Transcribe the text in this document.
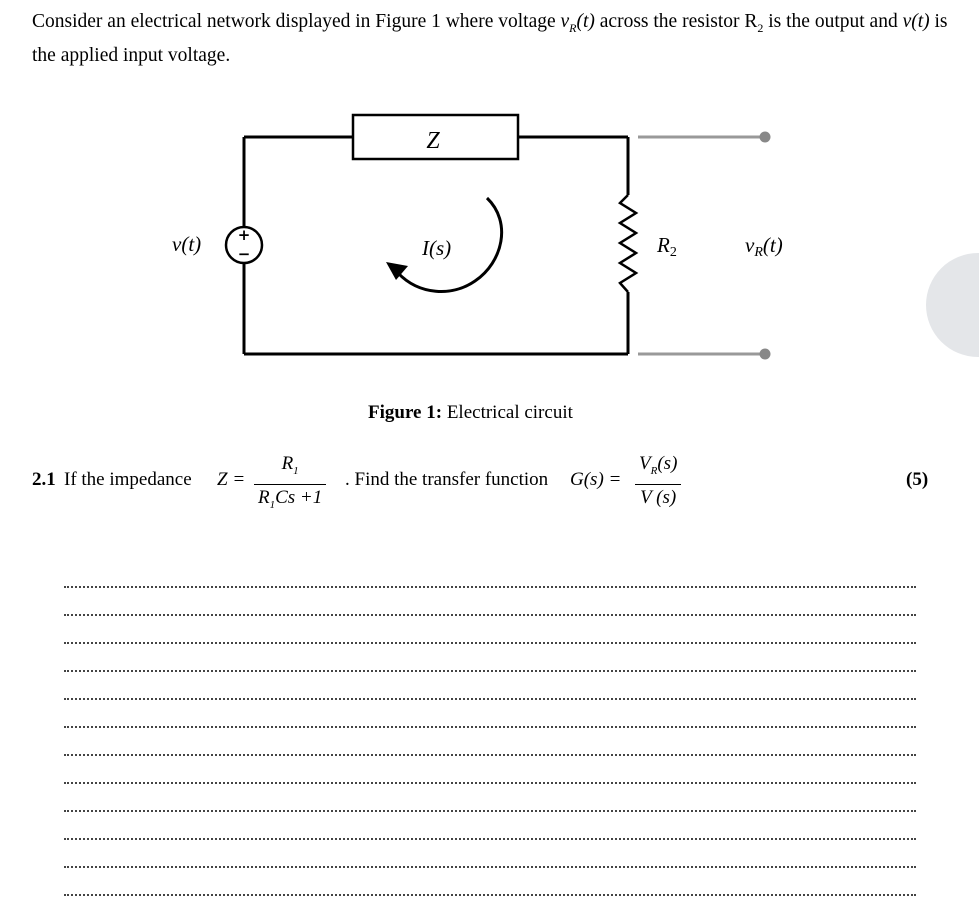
Consider an electrical network displayed in Figure 1 where voltage $v_R(t)$ across the resistor $R_2$ is the output and v(t) is the applied input voltage.

Z
+
−
v(t)	I(s)	R2	vR(t)
Figure 1: Electrical circuit
2.1 If the impedance Z =
$R_1$
$R_1Cs +1$
. Find the transfer function G(s) =
$V_R(s)$
V (s)
(5)
